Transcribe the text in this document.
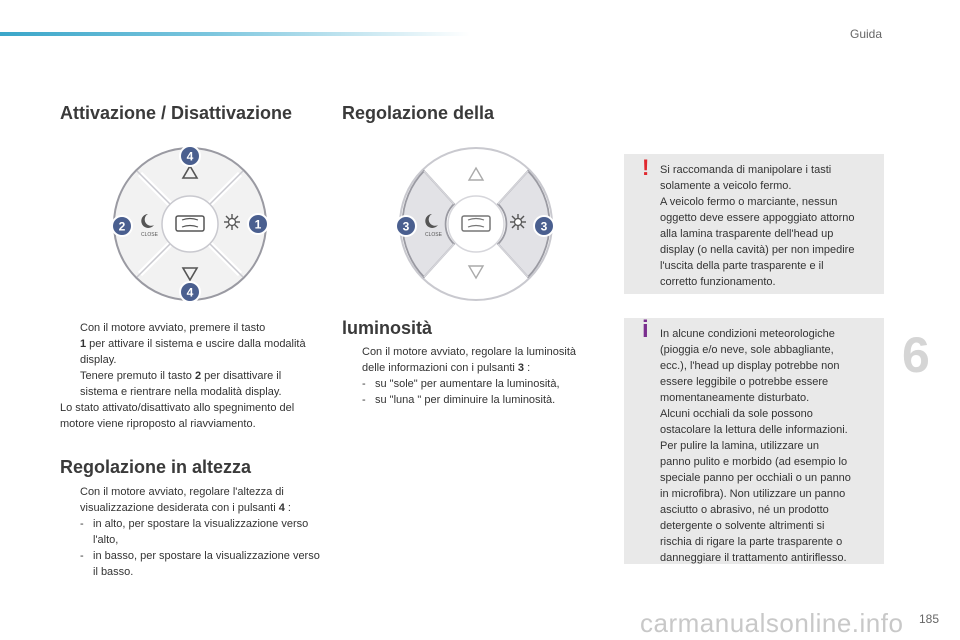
Guida
Attivazione / Disattivazione
CLOSE
4
4
2	1
Con il motore avviato, premere il tasto
1 per attivare il sistema e uscire dalla modalità display.
Tenere premuto il tasto 2 per disattivare il sistema e rientrare nella modalità display.
Lo stato attivato/disattivato allo spegnimento del motore viene riproposto al riavviamento.
Regolazione in altezza
Con il motore avviato, regolare l'altezza di visualizzazione desiderata con i pulsanti 4 :
- in alto, per spostare la visualizzazione verso l'alto,
- in basso, per spostare la visualizzazione verso il basso.
Regolazione della
CLOSE
3	3
luminosità
Con il motore avviato, regolare la luminosità delle informazioni con i pulsanti 3 :
- su "sole" per aumentare la luminosità,
- su "luna " per diminuire la luminosità.
! Si raccomanda di manipolare i tasti
solamente a veicolo fermo.
A veicolo fermo o marciante, nessun
oggetto deve essere appoggiato attorno
alla lamina trasparente dell'head up
display (o nella cavità) per non impedire
l'uscita della parte trasparente e il
corretto funzionamento.
i In alcune condizioni meteorologiche
(pioggia e/o neve, sole abbagliante,
ecc.), l'head up display potrebbe non
essere leggibile o potrebbe essere
momentaneamente disturbato.
Alcuni occhiali da sole possono
ostacolare la lettura delle informazioni.
Per pulire la lamina, utilizzare un
panno pulito e morbido (ad esempio lo
speciale panno per occhiali o un panno
in microfibra). Non utilizzare un panno
asciutto o abrasivo, né un prodotto
detergente o solvente altrimenti si
rischia di rigare la parte trasparente o
danneggiare il trattamento antiriflesso.
6
carmanualsonline.info 185
